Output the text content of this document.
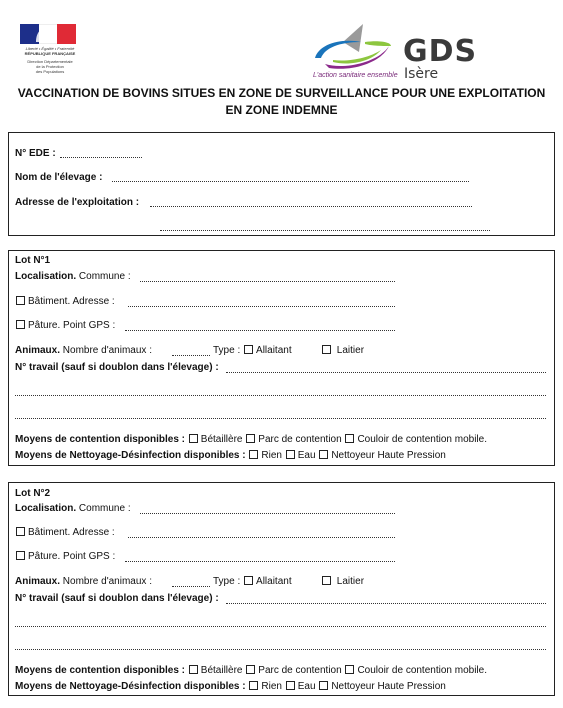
Liberté • Égalité • Fraternité
RÉPUBLIQUE FRANÇAISE
Direction Départementale
de la Protection
des Populations
GDS
Isère
L'action sanitaire ensemble
VACCINATION DE BOVINS SITUES EN ZONE DE SURVEILLANCE POUR UNE EXPLOITATION
EN ZONE INDEMNE
N° EDE :
Nom de l'élevage :
Adresse de l'exploitation :
Lot N°1
Localisation. Commune :
Bâtiment. Adresse :
Pâture. Point GPS :
Animaux. Nombre d'animaux :	Type : Allaitant	Laitier
N° travail (sauf si doublon dans l'élevage) :
Moyens de contention disponibles : Bétaillère Parc de contention Couloir de contention mobile.
Moyens de Nettoyage-Désinfection disponibles : Rien Eau Nettoyeur Haute Pression
Lot N°2
Localisation. Commune :
Bâtiment. Adresse :
Pâture. Point GPS :
Animaux. Nombre d'animaux :	Type : Allaitant	Laitier
N° travail (sauf si doublon dans l'élevage) :
Moyens de contention disponibles : Bétaillère Parc de contention Couloir de contention mobile.
Moyens de Nettoyage-Désinfection disponibles : Rien Eau Nettoyeur Haute Pression
